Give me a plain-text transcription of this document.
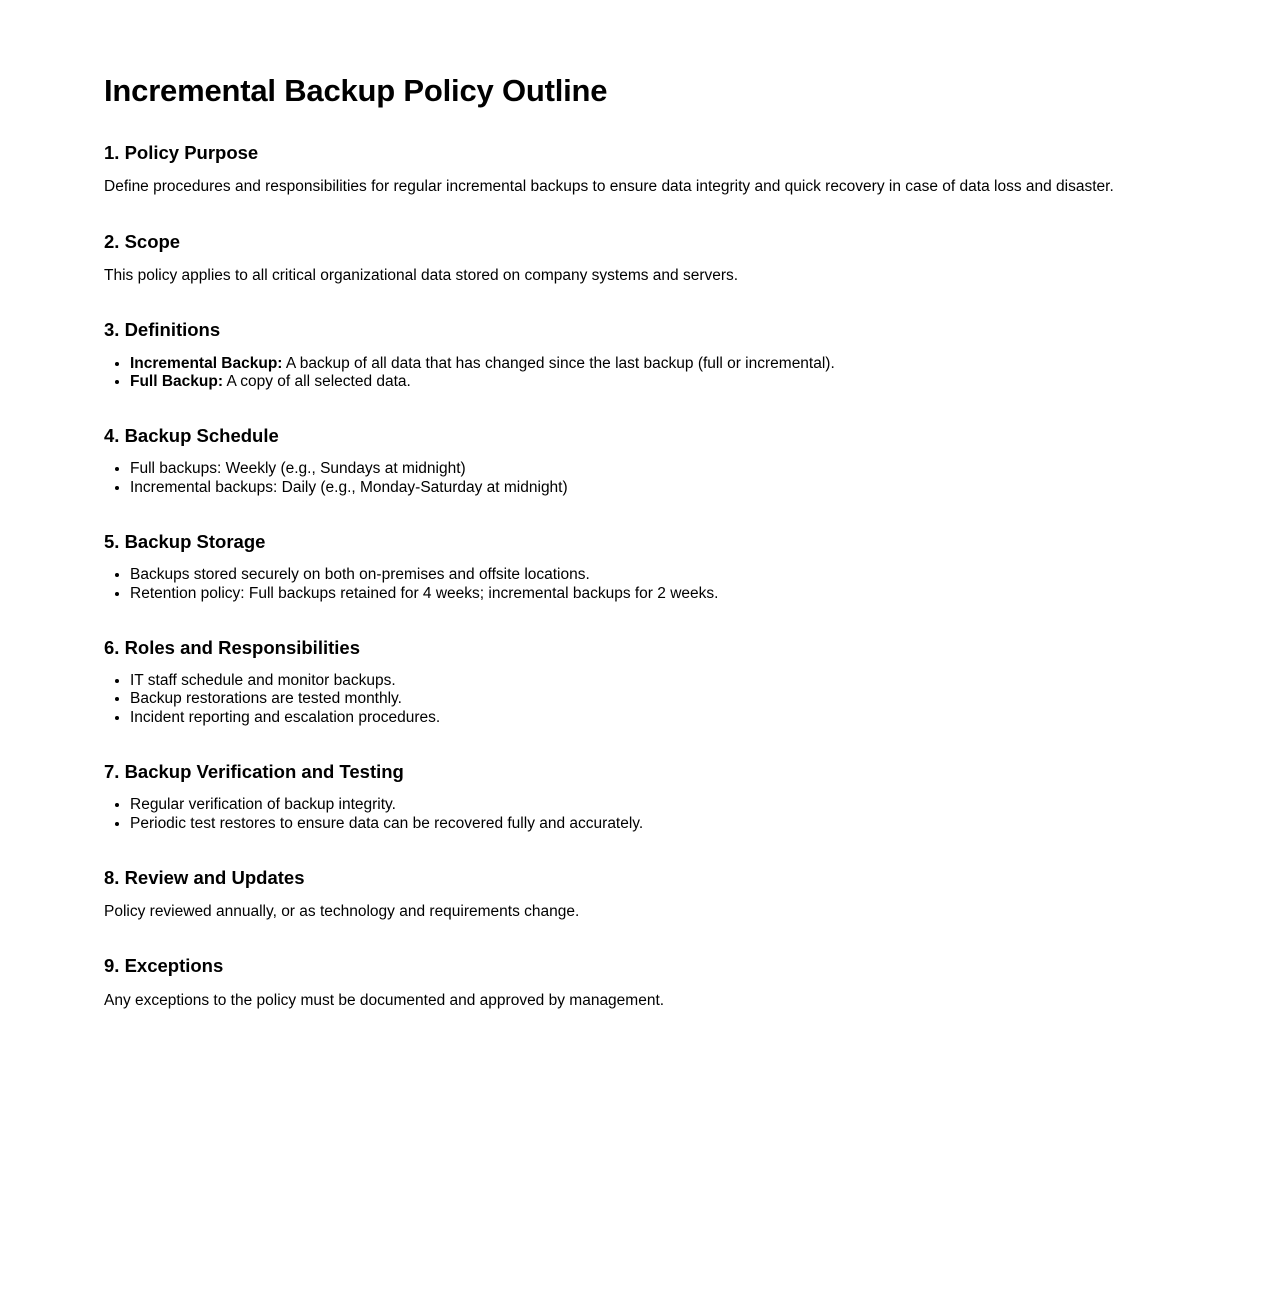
Incremental Backup Policy Outline
1. Policy Purpose

Define procedures and responsibilities for regular incremental backups to ensure data integrity and quick recovery in case of data loss and disaster.

2. Scope

This policy applies to all critical organizational data stored on company systems and servers.

3. Definitions
• Incremental Backup: A backup of all data that has changed since the last backup (full or incremental).
• Full Backup: A copy of all selected data.
4. Backup Schedule
• Full backups: Weekly (e.g., Sundays at midnight)
• Incremental backups: Daily (e.g., Monday-Saturday at midnight)
5. Backup Storage
• Backups stored securely on both on-premises and offsite locations.
• Retention policy: Full backups retained for 4 weeks; incremental backups for 2 weeks.
6. Roles and Responsibilities
• IT staff schedule and monitor backups.
• Backup restorations are tested monthly.
• Incident reporting and escalation procedures.
7. Backup Verification and Testing
• Regular verification of backup integrity.
• Periodic test restores to ensure data can be recovered fully and accurately.
8. Review and Updates

Policy reviewed annually, or as technology and requirements change.

9. Exceptions

Any exceptions to the policy must be documented and approved by management.
